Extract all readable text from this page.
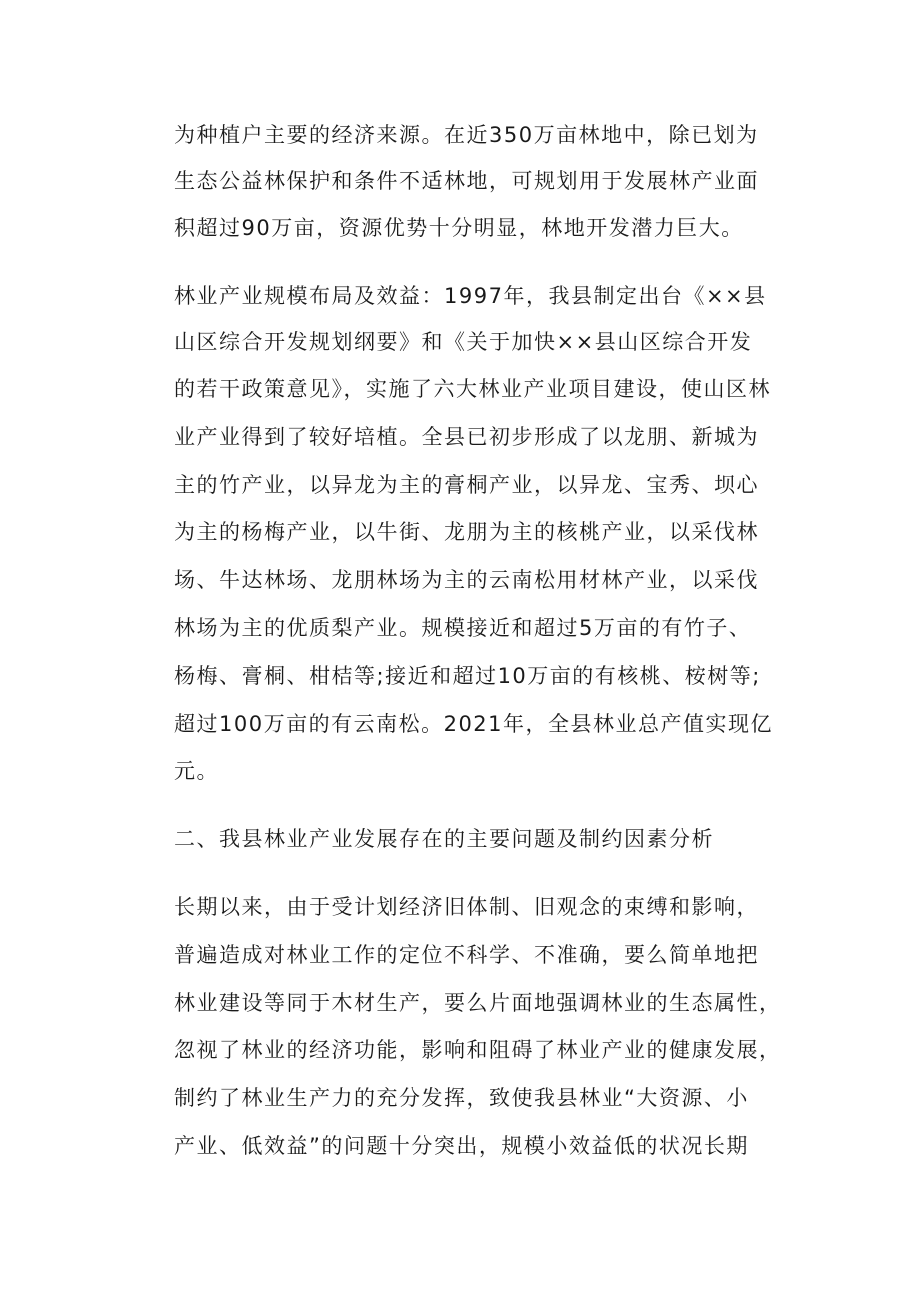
为种植户主要的经济来源。在近350万亩林地中，除已划为
生态公益林保护和条件不适林地，可规划用于发展林产业面
积超过90万亩，资源优势十分明显，林地开发潜力巨大。
林业产业规模布局及效益：1997年，我县制定出台《××县
山区综合开发规划纲要》和《关于加快××县山区综合开发
的若干政策意见》，实施了六大林业产业项目建设，使山区林
业产业得到了较好培植。全县已初步形成了以龙朋、新城为
主的竹产业，以异龙为主的膏桐产业，以异龙、宝秀、坝心
为主的杨梅产业，以牛街、龙朋为主的核桃产业，以采伐林
场、牛达林场、龙朋林场为主的云南松用材林产业，以采伐
林场为主的优质梨产业。规模接近和超过5万亩的有竹子、
杨梅、膏桐、柑桔等;接近和超过10万亩的有核桃、桉树等;
超过100万亩的有云南松。2021年，全县林业总产值实现亿
元。
二、我县林业产业发展存在的主要问题及制约因素分析
长期以来，由于受计划经济旧体制、旧观念的束缚和影响，
普遍造成对林业工作的定位不科学、不准确，要么简单地把
林业建设等同于木材生产，要么片面地强调林业的生态属性，
忽视了林业的经济功能，影响和阻碍了林业产业的健康发展，
制约了林业生产力的充分发挥，致使我县林业“大资源、小
产业、低效益”的问题十分突出，规模小效益低的状况长期
